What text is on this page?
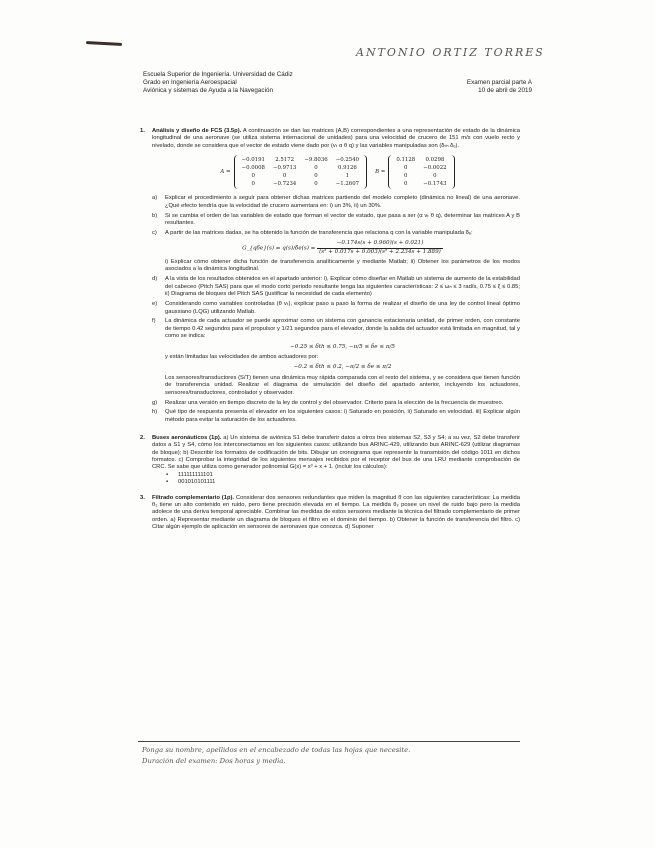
ANTONIO ORTIZ TORRES
Escuela Superior de Ingeniería. Universidad de Cádiz
Grado en Ingeniería Aeroespacial
Aviónica y sistemas de Ayuda a la Navegación
Examen parcial parte A
10 de abril de 2019
1.	Análisis y diseño de FCS (3.5p). A continuación se dan las matrices (A,B) correspondientes a una representación de estado de la dinámica longitudinal de una aeronave (se utiliza sistema internacional de unidades) para una velocidad de crucero de 151 m/s con vuelo recto y nivelado, donde se considera que el vector de estado viene dado por (vₜ α θ q) y las variables manipuladas son (δₜₕ δₑ).
A =
−0.0191	2.5172	−9.8036	−0.2540
−0.0008	−0.9713	0	0.9126
0	0	0	1
0	−0.7234	0	−1.2607
B =
0.1128	0.0298
0	−0.0022
0	0
0	−0.1743
a)	Explicar el procedimiento a seguir para obtener dichas matrices partiendo del modelo completo (dinámica no lineal) de una aeronave. ¿Qué efecto tendría que la velocidad de crucero aumentara en: i) un 3%, ii) un 30%.
b)	Si se cambia el orden de las variables de estado que forman el vector de estado, que pasa a ser (α vₜ θ q), determinar las matrices A y B resultantes.
c)	A partir de las matrices dadas, se ha obtenido la función de transferencia que relaciona q con la variable manipulada δₑ:
G_{qδe}(s) = $q(s)/\delta e(s) = \frac{-0.174s(s + 0.960)(s + 0.021)}{\text{(s² + 0.017s + 0.003)(s² + 2.234s + 1.889)}}$
i) Explicar cómo obtener dicha función de transferencia analíticamente y mediante Matlab; ii) Obtener los parámetros de los modos asociados a la dinámica longitudinal.
d)	A la vista de los resultados obtenidos en el apartado anterior: i), Explicar cómo diseñar en Matlab un sistema de aumento de la estabilidad del cabeceo (Pitch SAS) para que el modo corto periodo resultante tenga las siguientes características: 2 ≤ ωₙ ≤ 3 rad/s, 0.75 ≤ ξ ≤ 0.85; ii) Diagrama de bloques del Pitch SAS (justificar la necesidad de cada elemento)
e)	Considerando como variables controladas (θ vₜ), explicar paso a paso la forma de realizar el diseño de una ley de control lineal óptimo gaussiano (LQG) utilizando Matlab.
f)	La dinámica de cada actuador se puede aproximar como un sistema con ganancia estacionaria unidad, de primer orden, con constante de tiempo 0.42 segundos para el propulsor y 1/21 segundos para el elevador, donde la salida del actuador está limitada en magnitud, tal y como se indica:
−0.25 ≤ δth ≤ 0.75, −π/5 ≤ δe ≤ π/5
y están limitadas las velocidades de ambos actuadores por:
−0.2 ≤ δ̇th ≤ 0.2, −π/2 ≤ δ̇e ≤ π/2
Los sensores/transductores (S/T) tienen una dinámica muy rápida comparada con el resto del sistema, y se considera que tienen función de transferencia unidad. Realizar el diagrama de simulación del diseño del apartado anterior, incluyendo los actuadores, sensores/transductores, controlador y observador.
g)	Realizar una versión en tiempo discreto de la ley de control y del observador. Criterio para la elección de la frecuencia de muestreo.
h)	Qué tipo de respuesta presenta el elevador en los siguientes casos: i) Saturado en posición, ii) Saturado en velocidad. iii) Explicar algún método para evitar la saturación de los actuadores.
2.	Buses aeronáuticos (1p). a) Un sistema de aviónica S1 debe transferir datos a otros tres sistemas S2, S3 y S4; a su vez, S2 debe transferir datos a S1 y S4, cómo los interconectamos en los siguientes casos: utilizando bus ARINC-429, utilizando bus ARINC-629 (utilizar diagramas de bloque); b) Describir los formatos de codificación de bits. Dibujar un cronograma que represente la transmisión del código 1011 en dichos formatos. c) Comprobar la integridad de los siguientes mensajes recibidos por el receptor del bus de una LRU mediante comprobación de CRC. Se sabe que utiliza como generador polinomial G(x) = x³ + x + 1. (incluir los cálculos):
▪	111111111101
▪	001010101111
3.	Filtrado complementario (1p). Considerar dos sensores redundantes que miden la magnitud θ con las siguientes características: La medida θ₁ tiene un alto contenido en ruido, pero tiene precisión elevada en el tiempo. La medida θ₂ posee un nivel de ruido bajo pero la medida adolece de una deriva temporal apreciable. Combinar las medidas de estos sensores mediante la técnica del filtrado complementario de primer orden. a) Representar mediante un diagrama de bloques el filtro en el dominio del tiempo. b) Obtener la función de transferencia del filtro. c) Citar algún ejemplo de aplicación en sensores de aeronaves que conozca. d) Suponer
Ponga su nombre, apellidos en el encabezado de todas las hojas que necesite.
Duración del examen: Dos horas y media.
